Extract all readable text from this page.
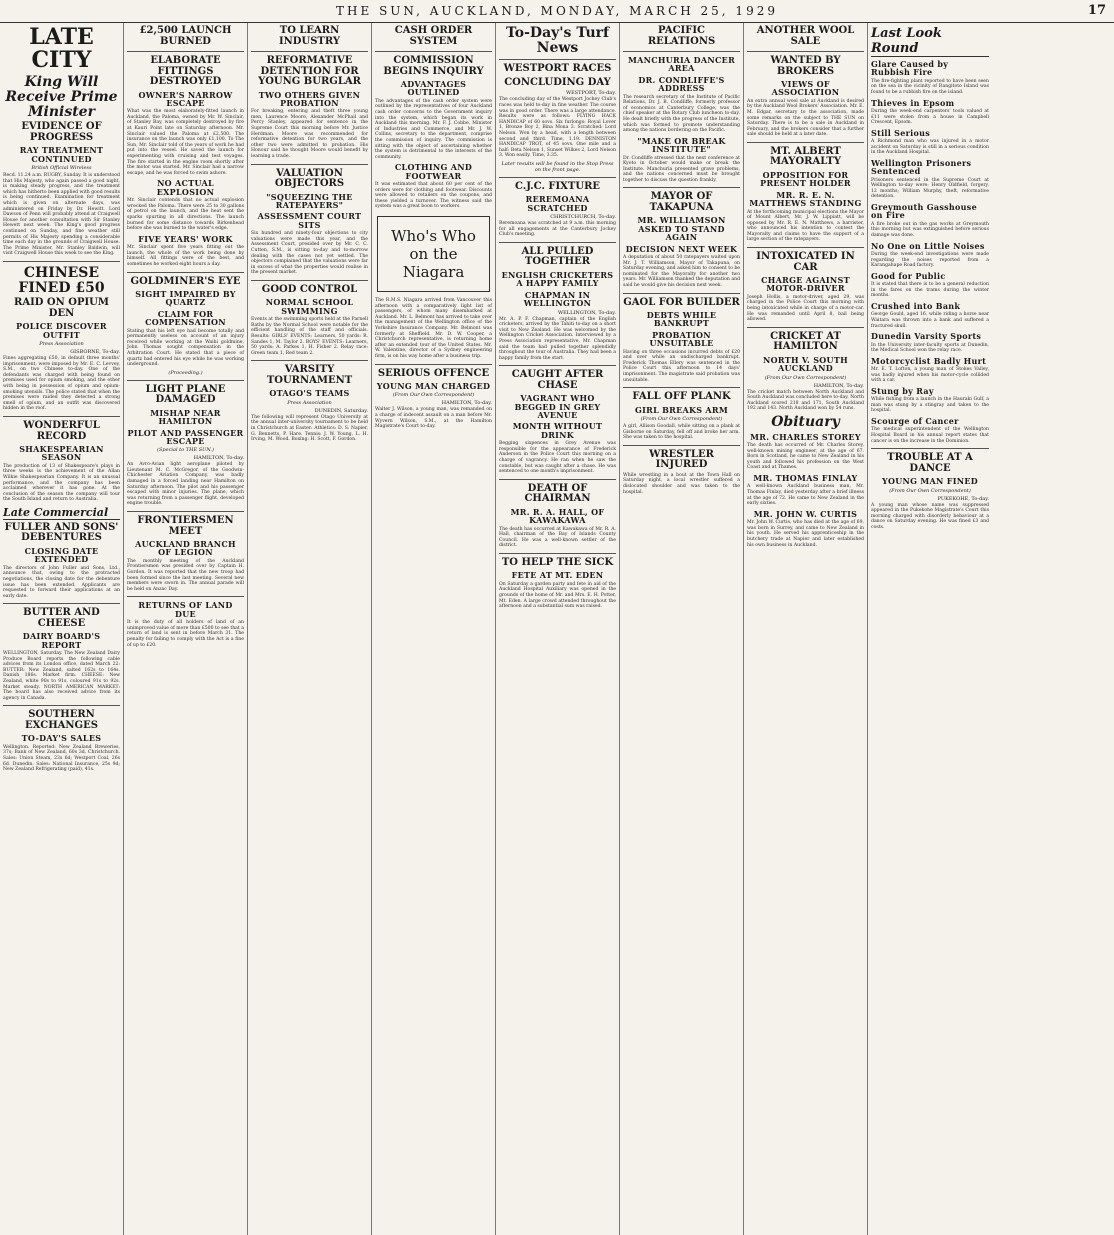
THE SUN, AUCKLAND, MONDAY, MARCH 25, 1929	17
LATE CITY
King Will Receive Prime Minister
EVIDENCE OF PROGRESS
RAY TREATMENT CONTINUED
British Official Wireless
Recd. 11.24 a.m. RUGBY, Sunday. It is understood that His Majesty, who again passed a good night, is making steady progress, and the treatment which has hitherto been applied with good results is being continued. Examination for treatment which is given on alternate days, was administered on Friday by Dr. Hewitt. Lord Dawson of Penn will probably attend at Craigwell House for another consultation with Sir Stanley Hewett next week. The King's good progress continued on Sunday, and fine weather still permits of His Majesty spending a considerable time each day in the grounds of Craigwell House. The Prime Minister, Mr. Stanley Baldwin, will visit Craigwell House this week to see the King.
CHINESE FINED £50
RAID ON OPIUM DEN
POLICE DISCOVER OUTFIT
Press Association
GISBORNE, To-day.
Fines aggregating £50, in default three months' imprisonment, were imposed by Mr. E. C. Levvey, S.M., on two Chinese to-day. One of the defendants was charged with being found on premises used for opium smoking, and the other with being in possession of opium and opium-smoking utensils. The police stated that when the premises were raided they detected a strong smell of opium, and an outfit was discovered hidden in the roof.
WONDERFUL RECORD
SHAKESPEARIAN SEASON
The production of 13 of Shakespeare's plays in three weeks is the achievement of the Allan Wilkie Shakespearian Company. It is an unusual performance, and the company has been acclaimed wherever it has gone. At the conclusion of the season the company will tour the South Island and return to Australia.
Late Commercial
FULLER AND SONS' DEBENTURES
CLOSING DATE EXTENDED
The directors of John Fuller and Sons, Ltd., announce that, owing to the protracted negotiations, the closing date for the debenture issue has been extended. Applicants are requested to forward their applications at an early date.
BUTTER AND CHEESE
DAIRY BOARD'S REPORT
WELLINGTON, Saturday. The New Zealand Dairy Produce Board reports the following cable advices from its London office, dated March 22: BUTTER: New Zealand, salted 162s to 164s. Danish 186s. Market firm. CHEESE: New Zealand, white 90s to 91s, coloured 91s to 92s. Market steady. NORTH AMERICAN MARKET: The board has also received advice from its agency in Canada.
SOUTHERN EXCHANGES
TO-DAY'S SALES
Wellington. Reported: New Zealand Breweries, 37s; Bank of New Zealand, 60s 3d. Christchurch. Sales: Union Steam, 23s 6d; Westport Coal, 26s 6d. Dunedin. Sales: National Insurance, 25s 9d; New Zealand Refrigerating (paid), 41s.
£2,500 LAUNCH BURNED
ELABORATE FITTINGS DESTROYED
OWNER'S NARROW ESCAPE
What was the most elaborately-fitted launch in Auckland, the Paloma, owned by Mr. W. Sinclair, of Stanley Bay, was completely destroyed by fire at Kauri Point late on Saturday afternoon. Mr. Sinclair valued the Paloma at £2,500. The insurance on the launch was only £1,100. To The Sun, Mr. Sinclair told of the years of work he had put into the vessel. He saved the launch for experimenting with cruising and test voyages. The fire started in the engine room shortly after the motor was started. Mr. Sinclair had a narrow escape, and he was forced to swim ashore.
NO ACTUAL EXPLOSION
Mr. Sinclair contends that no actual explosion wrecked the Paloma. There were 25 to 30 gallons of petrol on the launch, and the heat sent the sparks spurting in all directions. The launch burned for some distance towards Birkenhead before she was burned to the water's edge.
FIVE YEARS' WORK
Mr. Sinclair spent five years fitting out the launch, the whole of the work being done by himself. All fittings were of the best, and sometimes he worked eight hours a day.
GOLDMINER'S EYE
SIGHT IMPAIRED BY QUARTZ
CLAIM FOR COMPENSATION
Stating that his left eye had become totally and permanently useless on account of an injury received while working at the Waihi goldmine, John Thomas sought compensation in the Arbitration Court. He stated that a piece of quartz had entered his eye while he was working underground.
(Proceeding.)
LIGHT PLANE DAMAGED
MISHAP NEAR HAMILTON
PILOT AND PASSENGER ESCAPE
(Special to THE SUN.)
HAMILTON, To-day.
An Avro-Avian light aeroplane piloted by Lieutenant M. C. McGregor, of the Goodwin-Chichester Aviation Company, was badly damaged in a forced landing near Hamilton on Saturday afternoon. The pilot and his passenger escaped with minor injuries. The plane, which was returning from a passenger flight, developed engine trouble.
FRONTIERSMEN MEET
AUCKLAND BRANCH OF LEGION
The monthly meeting of the Auckland Frontiersmen was presided over by Captain H. Gordon. It was reported that the new troop had been formed since the last meeting. Several new members were sworn in. The annual parade will be held on Anzac Day.
RETURNS OF LAND DUE
It is the duty of all holders of land of an unimproved value of more than £500 to see that a return of land is sent in before March 31. The penalty for failing to comply with the Act is a fine of up to £20.
TO LEARN INDUSTRY
REFORMATIVE DETENTION FOR YOUNG BURGLAR
TWO OTHERS GIVEN PROBATION
For breaking, entering and theft three young men, Laurence Moore, Alexander McPhail and Percy Stanley, appeared for sentence in the Supreme Court this morning before Mr. Justice Herdman. Moore was recommended for reformative detention for two years, and the other two were admitted to probation. His Honour said he thought Moore would benefit by learning a trade.
VALUATION OBJECTORS
"SQUEEZING THE RATEPAYERS"
ASSESSMENT COURT SITS
Six hundred and ninety-four objections to city valuations were made this year, and the Assessment Court, presided over by Mr. C. C. Cutten, S.M., is sitting to-day and to-morrow dealing with the cases not yet settled. The objectors complained that the valuations were far in excess of what the properties would realise in the present market.
GOOD CONTROL
NORMAL SCHOOL SWIMMING
Events at the swimming sports held at the Parnell Baths by the Normal School were notable for the efficient handling of the staff and officials. Results: GIRLS' EVENTS: Learners, 50 yards: R. Sandes 1, M. Taylor 2. BOYS' EVENTS: Learners, 50 yards: A. Parkes 1, H. Fisher 2. Relay race: Green team 1, Red team 2.
VARSITY TOURNAMENT
OTAGO'S TEAMS
Press Association
DUNEDIN, Saturday.
The following will represent Otago University at the annual inter-university tournament to be held in Christchurch at Easter: Athletics: D. S. Napier, G. Bennetts, P. Hare. Tennis: J. W. Young, L. H. Irving, M. Wood. Boxing: H. Scott, F. Gordon.
CASH ORDER SYSTEM
COMMISSION BEGINS INQUIRY
ADVANTAGES OUTLINED
The advantages of the cash order system were outlined by the representatives of four Auckland cash order concerns to the Government inquiry into the system, which began its work in Auckland this morning. Mr. F. J. Cobbe, Minister of Industries and Commerce, and Mr. J. W. Collins, secretary to the department, comprise the commission of inquiry. The commission is sitting with the object of ascertaining whether the system is detrimental to the interests of the community.
CLOTHING AND FOOTWEAR
It was estimated that about 60 per cent of the orders were for clothing and footwear. Discounts were allowed to retailers on the coupons, and these yielded a turnover. The witness said the system was a great boon to workers.
Who's Who on the Niagara
The R.M.S. Niagara arrived from Vancouver this afternoon with a comparatively light list of passengers, of whom many disembarked at Auckland. Mr. L. Belmont has arrived to take over the management of the Wellington office of the Yorkshire Insurance Company. Mr. Belmont was formerly at Sheffield. Mr. D. W. Cooper, a Christchurch representative, is returning home after an extended tour of the United States. Mr. W. Valentine, director of a Sydney engineering firm, is on his way home after a business trip.
SERIOUS OFFENCE
YOUNG MAN CHARGED
(From Our Own Correspondent)
HAMILTON, To-day.
Walter J. Wilson, a young man, was remanded on a charge of indecent assault on a man before Mr. Wyvern Wilson, S.M., at the Hamilton Magistrate's Court to-day.
To-Day's Turf News
WESTPORT RACES
CONCLUDING DAY
WESTPORT, To-day.
The concluding day of the Westport Jockey Club's races was held to-day in fine weather. The course was in good order. There was a large attendance. Results were as follows: FLYING HACK HANDICAP of 60 sovs. Six furlongs: Royal Lover 1, Bronze Boy 2, Bina Mona 3. Scratched: Lord Nelson. Won by a head, with a length between second and third. Time, 1.19. DENNISTON HANDICAP TROT, of 45 sovs. One mile and a half: Beta Nelson 1, Sunset Wilkes 2, Lord Nelson 3. Won easily. Time, 3.35.
Later results will be found in the Stop Press on the front page.
C.J.C. FIXTURE
REREMOANA SCRATCHED
CHRISTCHURCH, To-day.
Reremoana was scratched at 9 a.m. this morning for all engagements at the Canterbury Jockey Club's meeting.
ALL PULLED TOGETHER
ENGLISH CRICKETERS A HAPPY FAMILY
CHAPMAN IN WELLINGTON
WELLINGTON, To-day.
Mr. A. P. F. Chapman, captain of the English cricketers, arrived by the Tahiti to-day on a short visit to New Zealand. He was welcomed by the Wellington Cricket Association. Interviewed by a Press Association representative, Mr. Chapman said the team had pulled together splendidly throughout the tour of Australia. They had been a happy family from the start.
CAUGHT AFTER CHASE
VAGRANT WHO BEGGED IN GREY AVENUE
MONTH WITHOUT DRINK
Begging sixpences in Grey Avenue was responsible for the appearance of Frederick Anderson in the Police Court this morning on a charge of vagrancy. He ran when he saw the constable, but was caught after a chase. He was sentenced to one month's imprisonment.
DEATH OF CHAIRMAN
MR. R. A. HALL, OF KAWAKAWA
The death has occurred at Kawakawa of Mr. R. A. Hall, chairman of the Bay of Islands County Council. He was a well-known settler of the district.
TO HELP THE SICK
FETE AT MT. EDEN
On Saturday a garden party and fete in aid of the Auckland Hospital Auxiliary was opened in the grounds of the home of Mr. and Mrs. E. H. Potter, Mt. Eden. A large crowd attended throughout the afternoon and a substantial sum was raised.
PACIFIC RELATIONS
MANCHURIA DANCER AREA
DR. CONDLIFFE'S ADDRESS
The research secretary of the Institute of Pacific Relations, Dr. J. B. Condliffe, formerly professor of economics at Canterbury College, was the chief speaker at the Rotary Club luncheon to-day. He dealt briefly with the progress of the Institute, which was formed to promote understanding among the nations bordering on the Pacific.
"MAKE OR BREAK INSTITUTE"
Dr. Condliffe stressed that the next conference at Kyoto in October would make or break the Institute. Manchuria presented grave problems, and the nations concerned must be brought together to discuss the question frankly.
MAYOR OF TAKAPUNA
MR. WILLIAMSON ASKED TO STAND AGAIN
DECISION NEXT WEEK
A deputation of about 50 ratepayers waited upon Mr. J. T. Williamson, Mayor of Takapuna, on Saturday evening, and asked him to consent to be nominated for the Mayoralty for another two years. Mr. Williamson thanked the deputation and said he would give his decision next week.
GAOL FOR BUILDER
DEBTS WHILE BANKRUPT
PROBATION UNSUITABLE
Having on three occasions incurred debts of £20 and over while an undischarged bankrupt, Frederick Thomas Ellery was sentenced in the Police Court this afternoon to 14 days' imprisonment. The magistrate said probation was unsuitable.
FALL OFF PLANK
GIRL BREAKS ARM
(From Our Own Correspondent)
A girl, Allison Goodall, while sitting on a plank at Gisborne on Saturday, fell off and broke her arm. She was taken to the hospital.
WRESTLER INJURED
While wrestling in a bout at the Town Hall on Saturday night, a local wrestler suffered a dislocated shoulder and was taken to the hospital.
ANOTHER WOOL SALE
WANTED BY BROKERS
VIEWS OF ASSOCIATION
An extra annual wool sale at Auckland is desired by the Auckland Wool Brokers' Association. Mr. E. M. Edgar, secretary to the association, made some remarks on the subject to THE SUN on Saturday. There is to be a sale in Auckland in February, and the brokers consider that a further sale should be held at a later date.
MT. ALBERT MAYORALTY
OPPOSITION FOR PRESENT HOLDER
MR. R. E. N. MATTHEWS STANDING
At the forthcoming municipal elections the Mayor of Mount Albert, Mr. J. W. Lippiatt, will be opposed by Mr. R. E. N. Matthews, a barrister, who announced his intention to contest the Mayoralty and claims to have the support of a large section of the ratepayers.
INTOXICATED IN CAR
CHARGE AGAINST MOTOR-DRIVER
Joseph Hollis, a motor-driver, aged 29, was charged in the Police Court this morning with being intoxicated while in charge of a motor-car. He was remanded until April 8, bail being allowed.
CRICKET AT HAMILTON
NORTH V. SOUTH AUCKLAND
(From Our Own Correspondent)
HAMILTON, To-day.
The cricket match between North Auckland and South Auckland was concluded here to-day. North Auckland scored 218 and 171, South Auckland 192 and 143. North Auckland won by 54 runs.
Obituary
MR. CHARLES STOREY
The death has occurred of Mr. Charles Storey, well-known mining engineer, at the age of 67. Born in Scotland, he came to New Zealand in his youth and followed his profession on the West Coast and at Thames.
MR. THOMAS FINLAY
A well-known Auckland business man, Mr. Thomas Finlay, died yesterday after a brief illness at the age of 72. He came to New Zealand in the early sixties.
MR. JOHN W. CURTIS
Mr. John W. Curtis, who has died at the age of 69, was born in Surrey, and came to New Zealand in his youth. He served his apprenticeship in the butchery trade at Napier and later established his own business in Auckland.
Last Look Round
Glare Caused by Rubbish Fire
The fire-fighting plant reported to have been seen on the sea in the vicinity of Rangitoto Island was found to be a rubbish fire on the island.
Thieves in Epsom
During the week-end carpenters' tools valued at £11 were stolen from a house in Campbell Crescent, Epsom.
Still Serious
A Richmond man who was injured in a motor accident on Saturday is still in a serious condition in the Auckland Hospital.
Wellington Prisoners Sentenced
Prisoners sentenced in the Supreme Court at Wellington to-day were: Henry Oldfield, forgery, 12 months; William Murphy, theft, reformative detention.
Greymouth Gasshouse on Fire
A fire broke out in the gas works at Greymouth this morning but was extinguished before serious damage was done.
No One on Little Noises
During the week-end investigations were made regarding the noises reported from a Karangahape Road factory.
Good for Public
It is stated that there is to be a general reduction in the fares on the trams during the winter months.
Crushed into Bank
George Gould, aged 16, while riding a horse near Waitara was thrown into a bank and suffered a fractured skull.
Dunedin Varsity Sports
In the University inter-faculty sports at Dunedin, the Medical School won the relay race.
Motorcyclist Badly Hurt
Mr. E. T. Lofton, a young man of Stokes Valley, was badly injured when his motor-cycle collided with a car.
Stung by Ray
While fishing from a launch in the Hauraki Gulf, a man was stung by a stingray and taken to the hospital.
Scourge of Cancer
The medical superintendent of the Wellington Hospital Board in his annual report states that cancer is on the increase in the Dominion.
TROUBLE AT A DANCE
YOUNG MAN FINED
(From Our Own Correspondent)
PUKEKOHE, To-day.
A young man whose name was suppressed appeared in the Pukekohe Magistrate's Court this morning charged with disorderly behaviour at a dance on Saturday evening. He was fined £3 and costs.
